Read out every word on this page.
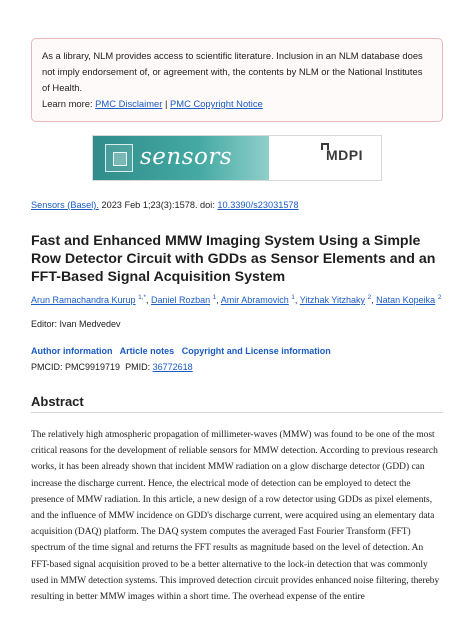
As a library, NLM provides access to scientific literature. Inclusion in an NLM database does not imply endorsement of, or agreement with, the contents by NLM or the National Institutes of Health.
Learn more: PMC Disclaimer | PMC Copyright Notice
sensors	MDPI
Sensors (Basel). 2023 Feb 1;23(3):1578. doi: 10.3390/s23031578
Fast and Enhanced MMW Imaging System Using a Simple Row Detector Circuit with GDDs as Sensor Elements and an FFT-Based Signal Acquisition System
Arun Ramachandra Kurup $^{1,*}$, Daniel Rozban $^1$, Amir Abramovich $^1$, Yitzhak Yitzhaky $^2$, Natan Kopeika $^2$
Editor: Ivan Medvedev
Author information Article notes Copyright and License information
PMCID: PMC9919719 PMID: 36772618
Abstract

The relatively high atmospheric propagation of millimeter-waves (MMW) was found to be one of the most critical reasons for the development of reliable sensors for MMW detection. According to previous research works, it has been already shown that incident MMW radiation on a glow discharge detector (GDD) can increase the discharge current. Hence, the electrical mode of detection can be employed to detect the presence of MMW radiation. In this article, a new design of a row detector using GDDs as pixel elements, and the influence of MMW incidence on GDD's discharge current, were acquired using an elementary data acquisition (DAQ) platform. The DAQ system computes the averaged Fast Fourier Transform (FFT) spectrum of the time signal and returns the FFT results as magnitude based on the level of detection. An FFT-based signal acquisition proved to be a better alternative to the lock-in detection that was commonly used in MMW detection systems. This improved detection circuit provides enhanced noise filtering, thereby resulting in better MMW images within a short time. The overhead expense of the entire
